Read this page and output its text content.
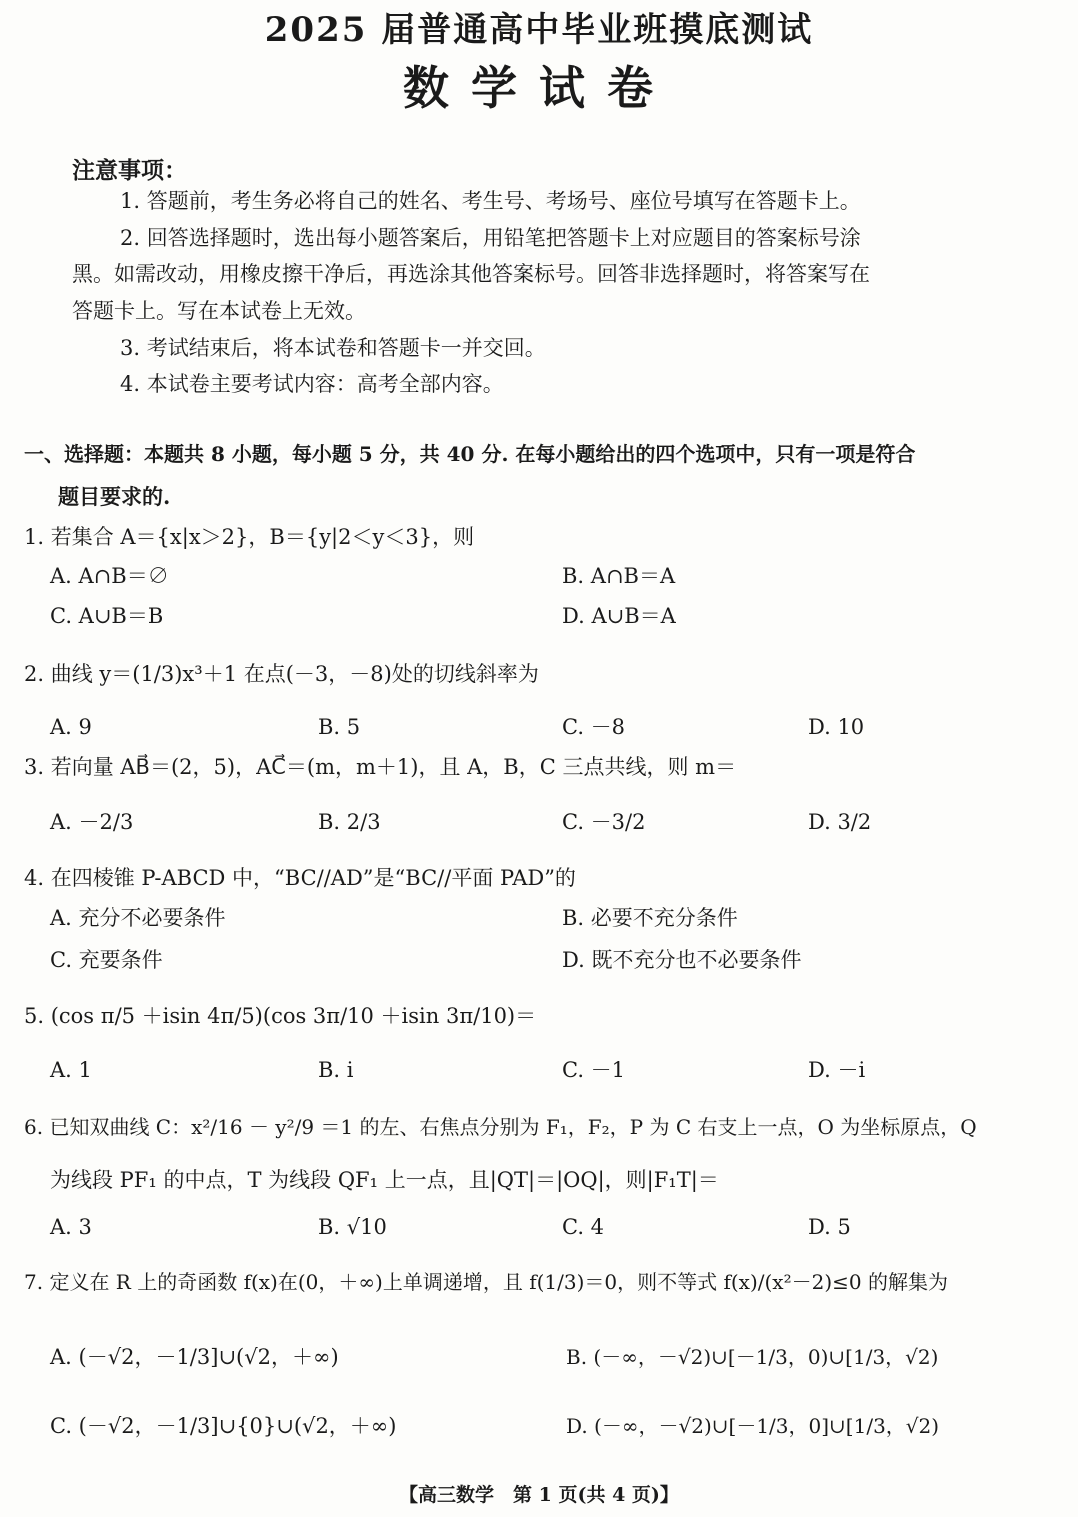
2025 届普通高中毕业班摸底测试
数学试卷
注意事项：
1. 答题前，考生务必将自己的姓名、考生号、考场号、座位号填写在答题卡上。
2. 回答选择题时，选出每小题答案后，用铅笔把答题卡上对应题目的答案标号涂
黑。如需改动，用橡皮擦干净后，再选涂其他答案标号。回答非选择题时，将答案写在
答题卡上。写在本试卷上无效。
3. 考试结束后，将本试卷和答题卡一并交回。
4. 本试卷主要考试内容：高考全部内容。
一、选择题：本题共 8 小题，每小题 5 分，共 40 分. 在每小题给出的四个选项中，只有一项是符合
题目要求的.
1. 若集合 A＝{x|x＞2}，B＝{y|2＜y＜3}，则
A. A∩B＝∅	B. A∩B＝A
C. A∪B＝B	D. A∪B＝A
2. 曲线 y＝(1/3)x³＋1 在点(－3，－8)处的切线斜率为
A. 9	B. 5	C. －8	D. 10
3. 若向量 AB⃗＝(2，5)，AC⃗＝(m，m＋1)，且 A，B，C 三点共线，则 m＝
A. －2/3	B. 2/3	C. －3/2	D. 3/2
4. 在四棱锥 P-ABCD 中，“BC//AD”是“BC//平面 PAD”的
A. 充分不必要条件	B. 必要不充分条件
C. 充要条件	D. 既不充分也不必要条件
5. (cos π/5 ＋isin 4π/5)(cos 3π/10 ＋isin 3π/10)＝
A. 1	B. i	C. －1	D. －i
6. 已知双曲线 C：x²/16 － y²/9 ＝1 的左、右焦点分别为 F₁，F₂，P 为 C 右支上一点，O 为坐标原点，Q
为线段 PF₁ 的中点，T 为线段 QF₁ 上一点，且|QT|＝|OQ|，则|F₁T|＝
A. 3	B. √10	C. 4	D. 5
7. 定义在 R 上的奇函数 f(x)在(0，＋∞)上单调递增，且 f(1/3)＝0，则不等式 f(x)/(x²－2)≤0 的解集为
A. (－√2，－1/3]∪(√2，＋∞)	B. (－∞，－√2)∪[－1/3，0)∪[1/3，√2)
C. (－√2，－1/3]∪{0}∪(√2，＋∞)	D. (－∞，－√2)∪[－1/3，0]∪[1/3，√2)
【高三数学　第 1 页(共 4 页)】
